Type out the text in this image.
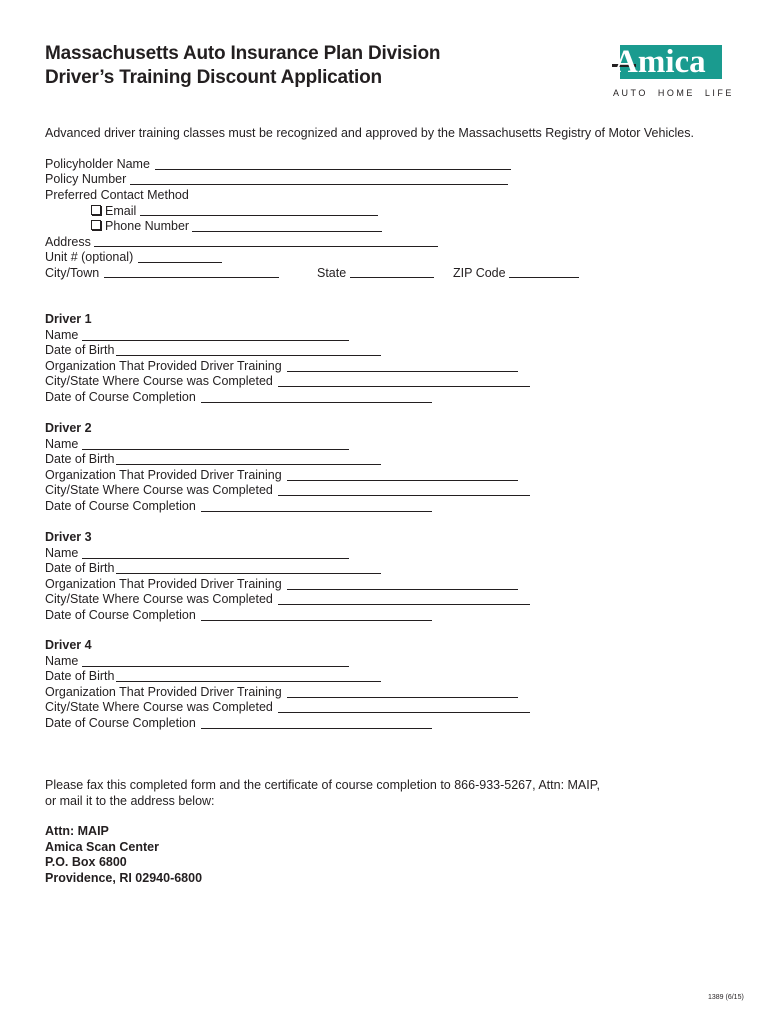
Massachusetts Auto Insurance Plan Division
Driver’s Training Discount Application	Amica
AUTO HOME LIFE
Advanced driver training classes must be recognized and approved by the Massachusetts Registry of Motor Vehicles.
Policyholder Name
Policy Number
Preferred Contact Method
Email
Phone Number
Address
Unit # (optional)
City/Town	State	ZIP Code
Driver 1
Name
Date of Birth
Organization That Provided Driver Training
City/State Where Course was Completed
Date of Course Completion
Driver 2
Name
Date of Birth
Organization That Provided Driver Training
City/State Where Course was Completed
Date of Course Completion
Driver 3
Name
Date of Birth
Organization That Provided Driver Training
City/State Where Course was Completed
Date of Course Completion
Driver 4
Name
Date of Birth
Organization That Provided Driver Training
City/State Where Course was Completed
Date of Course Completion
Please fax this completed form and the certificate of course completion to 866-933-5267, Attn: MAIP,
or mail it to the address below:
Attn: MAIP
Amica Scan Center
P.O. Box 6800
Providence, RI 02940-6800
1389 (6/15)
